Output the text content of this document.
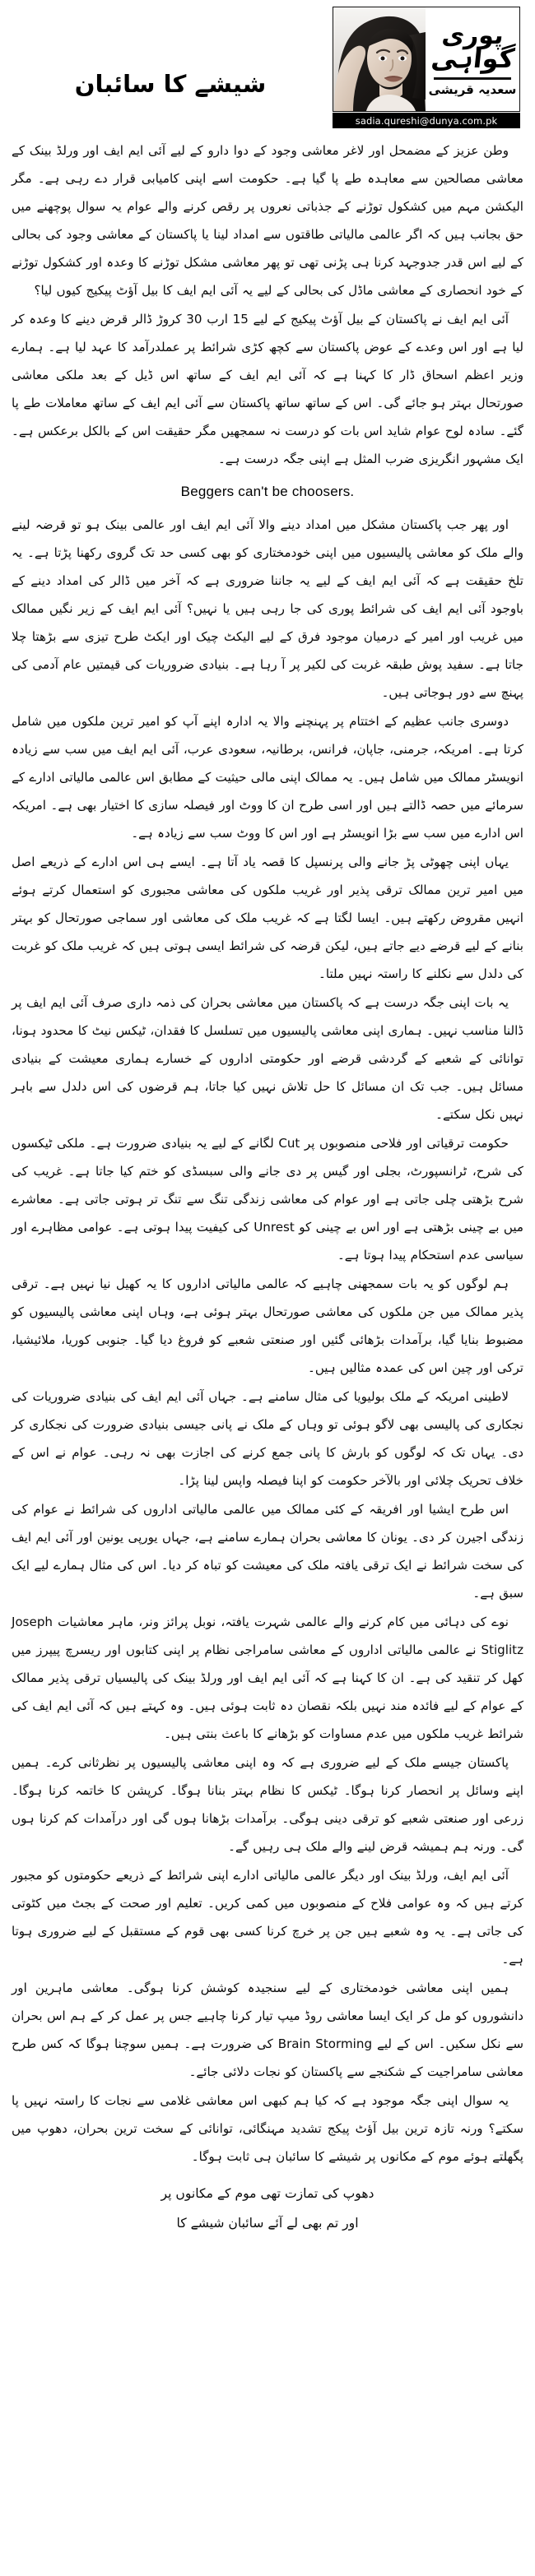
پوری
گواہی
سعدیہ قریشی
sadia.qureshi@dunya.com.pk
شیشے کا سائبان

وطن عزیز کے مضمحل اور لاغر معاشی وجود کے دوا دارو کے لیے آئی ایم ایف اور ورلڈ بینک کے معاشی مصالحین سے معاہدہ طے پا گیا ہے۔ حکومت اسے اپنی کامیابی قرار دے رہی ہے۔ مگر الیکشن مہم میں کشکول توڑنے کے جذباتی نعروں پر رقص کرنے والے عوام یہ سوال پوچھنے میں حق بجانب ہیں کہ اگر عالمی مالیاتی طاقتوں سے امداد لینا یا پاکستان کے معاشی وجود کی بحالی کے لیے اس قدر جدوجہد کرنا ہی پڑنی تھی تو پھر معاشی مشکل توڑنے کا وعدہ اور کشکول توڑنے کے خود انحصاری کے معاشی ماڈل کی بحالی کے لیے یہ آئی ایم ایف کا بیل آؤٹ پیکیج کیوں لیا؟

آئی ایم ایف نے پاکستان کے بیل آؤٹ پیکیج کے لیے 15 ارب 30 کروڑ ڈالر قرض دینے کا وعدہ کر لیا ہے اور اس وعدے کے عوض پاکستان سے کچھ کڑی شرائط پر عملدرآمد کا عہد لیا ہے۔ ہمارے وزیر اعظم اسحاق ڈار کا کہنا ہے کہ آئی ایم ایف کے ساتھ اس ڈیل کے بعد ملکی معاشی صورتحال بہتر ہو جائے گی۔ اس کے ساتھ ساتھ پاکستان سے آئی ایم ایف کے ساتھ معاملات طے پا گئے۔ سادہ لوح عوام شاید اس بات کو درست نہ سمجھیں مگر حقیقت اس کے بالکل برعکس ہے۔ ایک مشہور انگریزی ضرب المثل ہے اپنی جگہ درست ہے۔

Beggers can't be choosers.

اور پھر جب پاکستان مشکل میں امداد دینے والا آئی ایم ایف اور عالمی بینک ہو تو قرضہ لینے والے ملک کو معاشی پالیسیوں میں اپنی خودمختاری کو بھی کسی حد تک گروی رکھنا پڑتا ہے۔ یہ تلخ حقیقت ہے کہ آئی ایم ایف کے لیے یہ جاننا ضروری ہے کہ آخر میں ڈالر کی امداد دینے کے باوجود آئی ایم ایف کی شرائط پوری کی جا رہی ہیں یا نہیں؟ آئی ایم ایف کے زیر نگیں ممالک میں غریب اور امیر کے درمیان موجود فرق کے لیے الیکٹ چیک اور ایکٹ طرح تیزی سے بڑھتا چلا جاتا ہے۔ سفید پوش طبقہ غربت کی لکیر پر آ رہا ہے۔ بنیادی ضروریات کی قیمتیں عام آدمی کی پہنچ سے دور ہوجاتی ہیں۔

دوسری جانب عظیم کے اختتام پر پہنچنے والا یہ ادارہ اپنے آپ کو امیر ترین ملکوں میں شامل کرتا ہے۔ امریکہ، جرمنی، جاپان، فرانس، برطانیہ، سعودی عرب، آئی ایم ایف میں سب سے زیادہ انویسٹر ممالک میں شامل ہیں۔ یہ ممالک اپنی مالی حیثیت کے مطابق اس عالمی مالیاتی ادارے کے سرمائے میں حصہ ڈالتے ہیں اور اسی طرح ان کا ووٹ اور فیصلہ سازی کا اختیار بھی ہے۔ امریکہ اس ادارے میں سب سے بڑا انویسٹر ہے اور اس کا ووٹ سب سے زیادہ ہے۔

یہاں اپنی چھوٹی پڑ جانے والی پرنسپل کا قصہ یاد آتا ہے۔ ایسے ہی اس ادارے کے ذریعے اصل میں امیر ترین ممالک ترقی پذیر اور غریب ملکوں کی معاشی مجبوری کو استعمال کرتے ہوئے انہیں مقروض رکھتے ہیں۔ ایسا لگتا ہے کہ غریب ملک کی معاشی اور سماجی صورتحال کو بہتر بنانے کے لیے قرضے دیے جاتے ہیں، لیکن قرضہ کی شرائط ایسی ہوتی ہیں کہ غریب ملک کو غربت کی دلدل سے نکلنے کا راستہ نہیں ملتا۔

یہ بات اپنی جگہ درست ہے کہ پاکستان میں معاشی بحران کی ذمہ داری صرف آئی ایم ایف پر ڈالنا مناسب نہیں۔ ہماری اپنی معاشی پالیسیوں میں تسلسل کا فقدان، ٹیکس نیٹ کا محدود ہونا، توانائی کے شعبے کے گردشی قرضے اور حکومتی اداروں کے خسارے ہماری معیشت کے بنیادی مسائل ہیں۔ جب تک ان مسائل کا حل تلاش نہیں کیا جاتا، ہم قرضوں کی اس دلدل سے باہر نہیں نکل سکتے۔

حکومت ترقیاتی اور فلاحی منصوبوں پر Cut لگانے کے لیے یہ بنیادی ضرورت ہے۔ ملکی ٹیکسوں کی شرح، ٹرانسپورٹ، بجلی اور گیس پر دی جانے والی سبسڈی کو ختم کیا جاتا ہے۔ غریب کی شرح بڑھتی چلی جاتی ہے اور عوام کی معاشی زندگی تنگ سے تنگ تر ہوتی جاتی ہے۔ معاشرے میں بے چینی بڑھتی ہے اور اس بے چینی کو Unrest کی کیفیت پیدا ہوتی ہے۔ عوامی مظاہرے اور سیاسی عدم استحکام پیدا ہوتا ہے۔

ہم لوگوں کو یہ بات سمجھنی چاہیے کہ عالمی مالیاتی اداروں کا یہ کھیل نیا نہیں ہے۔ ترقی پذیر ممالک میں جن ملکوں کی معاشی صورتحال بہتر ہوئی ہے، وہاں اپنی معاشی پالیسیوں کو مضبوط بنایا گیا، برآمدات بڑھائی گئیں اور صنعتی شعبے کو فروغ دیا گیا۔ جنوبی کوریا، ملائیشیا، ترکی اور چین اس کی عمدہ مثالیں ہیں۔

لاطینی امریکہ کے ملک بولیویا کی مثال سامنے ہے۔ جہاں آئی ایم ایف کی بنیادی ضروریات کی نجکاری کی پالیسی بھی لاگو ہوئی تو وہاں کے ملک نے پانی جیسی بنیادی ضرورت کی نجکاری کر دی۔ یہاں تک کہ لوگوں کو بارش کا پانی جمع کرنے کی اجازت بھی نہ رہی۔ عوام نے اس کے خلاف تحریک چلائی اور بالآخر حکومت کو اپنا فیصلہ واپس لینا پڑا۔

اس طرح ایشیا اور افریقہ کے کئی ممالک میں عالمی مالیاتی اداروں کی شرائط نے عوام کی زندگی اجیرن کر دی۔ یونان کا معاشی بحران ہمارے سامنے ہے، جہاں یورپی یونین اور آئی ایم ایف کی سخت شرائط نے ایک ترقی یافتہ ملک کی معیشت کو تباہ کر دیا۔ اس کی مثال ہمارے لیے ایک سبق ہے۔

نوے کی دہائی میں کام کرنے والے عالمی شہرت یافتہ، نوبل پرائز ونر، ماہر معاشیات Joseph Stiglitz نے عالمی مالیاتی اداروں کے معاشی سامراجی نظام پر اپنی کتابوں اور ریسرچ پیپرز میں کھل کر تنقید کی ہے۔ ان کا کہنا ہے کہ آئی ایم ایف اور ورلڈ بینک کی پالیسیاں ترقی پذیر ممالک کے عوام کے لیے فائدہ مند نہیں بلکہ نقصان دہ ثابت ہوئی ہیں۔ وہ کہتے ہیں کہ آئی ایم ایف کی شرائط غریب ملکوں میں عدم مساوات کو بڑھانے کا باعث بنتی ہیں۔

پاکستان جیسے ملک کے لیے ضروری ہے کہ وہ اپنی معاشی پالیسیوں پر نظرثانی کرے۔ ہمیں اپنے وسائل پر انحصار کرنا ہوگا۔ ٹیکس کا نظام بہتر بنانا ہوگا۔ کرپشن کا خاتمہ کرنا ہوگا۔ زرعی اور صنعتی شعبے کو ترقی دینی ہوگی۔ برآمدات بڑھانا ہوں گی اور درآمدات کم کرنا ہوں گی۔ ورنہ ہم ہمیشہ قرض لینے والے ملک ہی رہیں گے۔

آئی ایم ایف، ورلڈ بینک اور دیگر عالمی مالیاتی ادارے اپنی شرائط کے ذریعے حکومتوں کو مجبور کرتے ہیں کہ وہ عوامی فلاح کے منصوبوں میں کمی کریں۔ تعلیم اور صحت کے بجٹ میں کٹوتی کی جاتی ہے۔ یہ وہ شعبے ہیں جن پر خرچ کرنا کسی بھی قوم کے مستقبل کے لیے ضروری ہوتا ہے۔

ہمیں اپنی معاشی خودمختاری کے لیے سنجیدہ کوشش کرنا ہوگی۔ معاشی ماہرین اور دانشوروں کو مل کر ایک ایسا معاشی روڈ میپ تیار کرنا چاہیے جس پر عمل کر کے ہم اس بحران سے نکل سکیں۔ اس کے لیے Brain Storming کی ضرورت ہے۔ ہمیں سوچنا ہوگا کہ کس طرح معاشی سامراجیت کے شکنجے سے پاکستان کو نجات دلائی جائے۔

یہ سوال اپنی جگہ موجود ہے کہ کیا ہم کبھی اس معاشی غلامی سے نجات کا راستہ نہیں پا سکتے؟ ورنہ تازہ ترین بیل آؤٹ پیکج تشدید مہنگائی، توانائی کے سخت ترین بحران، دھوپ میں پگھلتے ہوئے موم کے مکانوں پر شیشے کا سائبان ہی ثابت ہوگا۔

دھوپ کی تمازت تھی موم کے مکانوں پر
اور تم بھی لے آئے سائبان شیشے کا
